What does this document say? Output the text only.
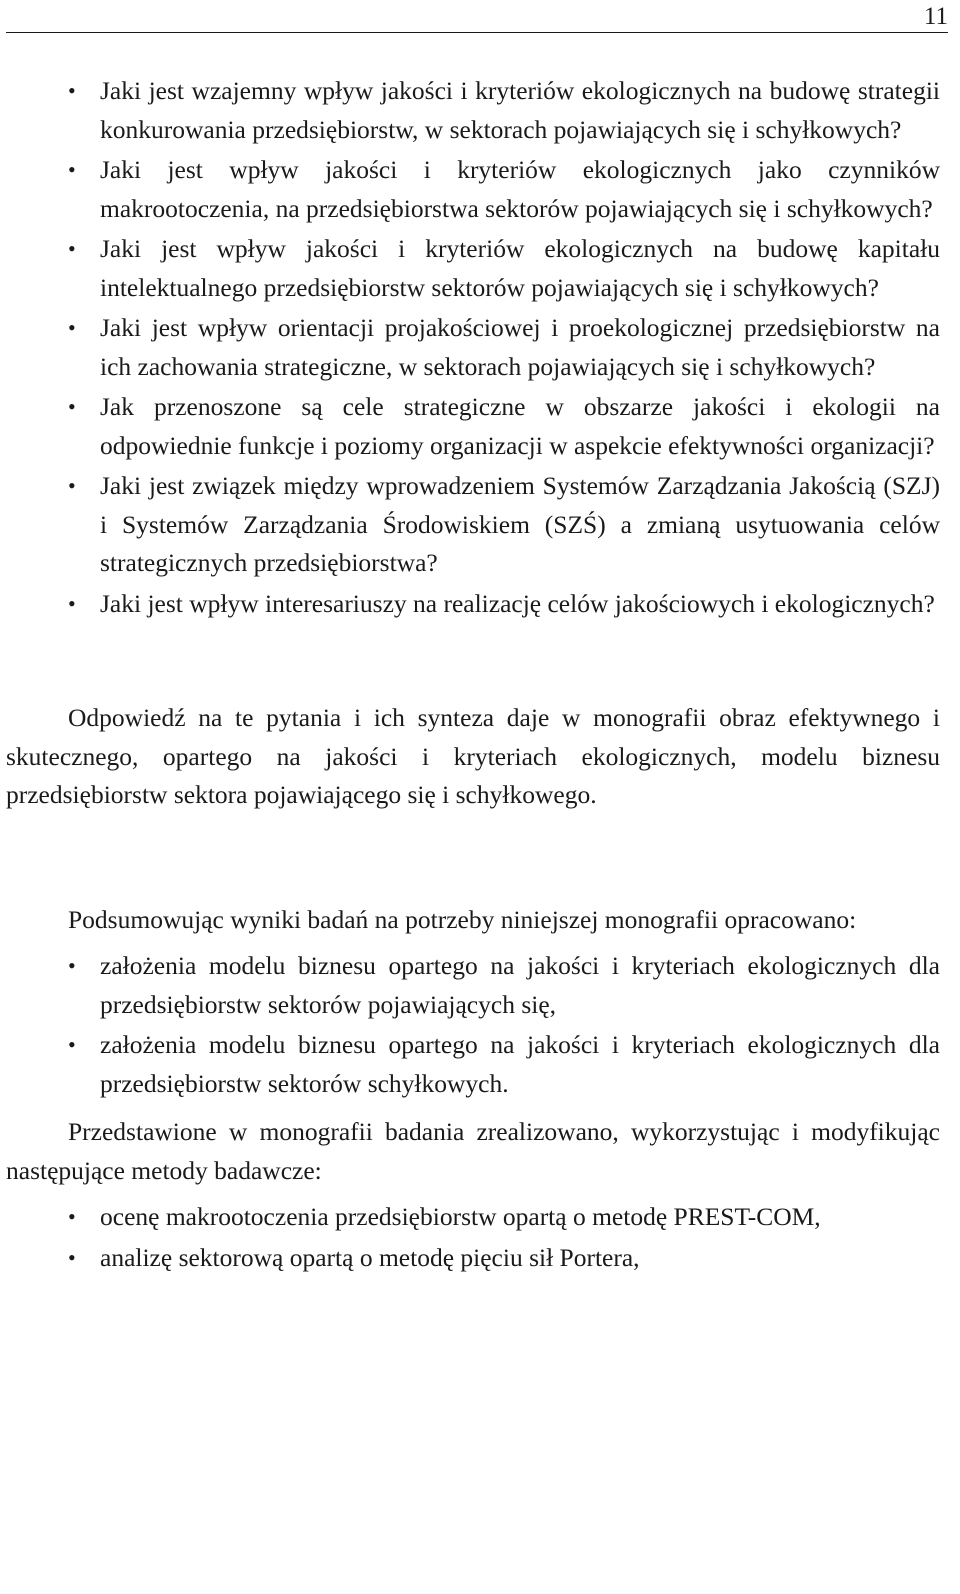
11
• Jaki jest wzajemny wpływ jakości i kryteriów ekologicznych na budowę strategii konkurowania przedsiębiorstw, w sektorach pojawiających się i schyłkowych?
• Jaki jest wpływ jakości i kryteriów ekologicznych jako czynników makrootoczenia, na przedsiębiorstwa sektorów pojawiających się i schyłkowych?
• Jaki jest wpływ jakości i kryteriów ekologicznych na budowę kapitału intelektualnego przedsiębiorstw sektorów pojawiających się i schyłkowych?
• Jaki jest wpływ orientacji projakościowej i proekologicznej przedsiębiorstw na ich zachowania strategiczne, w sektorach pojawiających się i schyłkowych?
• Jak przenoszone są cele strategiczne w obszarze jakości i ekologii na odpowiednie funkcje i poziomy organizacji w aspekcie efektywności organizacji?
• Jaki jest związek między wprowadzeniem Systemów Zarządzania Jakością (SZJ) i Systemów Zarządzania Środowiskiem (SZŚ) a zmianą usytuowania celów strategicznych przedsiębiorstwa?
• Jaki jest wpływ interesariuszy na realizację celów jakościowych i ekologicznych?

Odpowiedź na te pytania i ich synteza daje w monografii obraz efektywnego i skutecznego, opartego na jakości i kryteriach ekologicznych, modelu biznesu przedsiębiorstw sektora pojawiającego się i schyłkowego.

Podsumowując wyniki badań na potrzeby niniejszej monografii opracowano:

• założenia modelu biznesu opartego na jakości i kryteriach ekologicznych dla przedsiębiorstw sektorów pojawiających się,
• założenia modelu biznesu opartego na jakości i kryteriach ekologicznych dla przedsiębiorstw sektorów schyłkowych.

Przedstawione w monografii badania zrealizowano, wykorzystując i modyfikując następujące metody badawcze:

• ocenę makrootoczenia przedsiębiorstw opartą o metodę PREST-COM,
• analizę sektorową opartą o metodę pięciu sił Portera,
